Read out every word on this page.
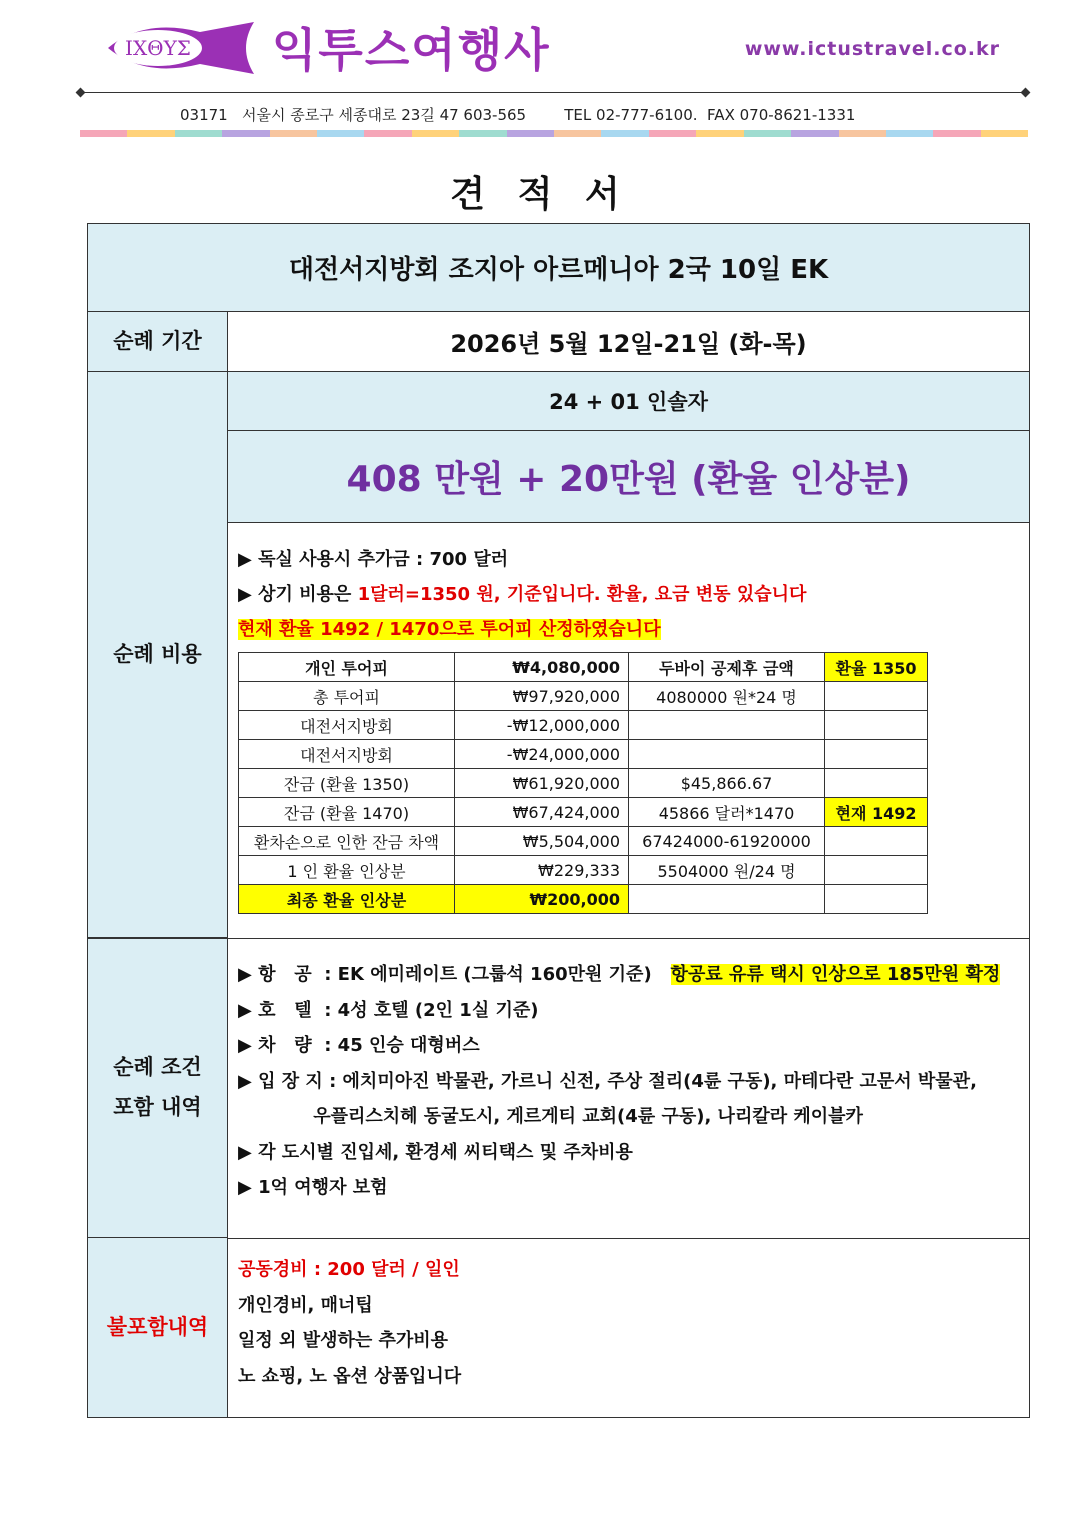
IXΘYΣ 익투스여행사	www.ictustravel.co.kr
03171   서울시 종로구 세종대로 23길 47 603-565	TEL 02-777-6100.  FAX 070-8621-1331
견 적 서
대전서지방회 조지아 아르메니아 2국 10일 EK
순례 기간	2026년 5월 12일-21일 (화-목)
순례 비용
24 + 01 인솔자
408 만원 + 20만원 (환율 인상분)
▶ 독실 사용시 추가금 : 700 달러
▶ 상기 비용은 1달러=1350 원, 기준입니다. 환율, 요금 변동 있습니다
현재 환율 1492 / 1470으로 투어피 산정하였습니다
개인 투어피	₩4,080,000	두바이 공제후 금액	환율 1350
총 투어피	₩97,920,000	4080000 원*24 명	
대전서지방회	-₩12,000,000		
대전서지방회	-₩24,000,000		
잔금 (환율 1350)	₩61,920,000	$45,866.67	
잔금 (환율 1470)	₩67,424,000	45866 달러*1470	현재 1492
환차손으로 인한 잔금 차액	₩5,504,000	67424000-61920000	
1 인 환율 인상분	₩229,333	5504000 원/24 명	
최종 환율 인상분	₩200,000		
순례 조건
포함 내역
▶ 항   공  : EK 에미레이트 (그룹석 160만원 기준) 항공료 유류 택시 인상으로 185만원 확정
▶ 호   텔  : 4성 호텔 (2인 1실 기준)
▶ 차   량  : 45 인승 대형버스
▶ 입 장 지 : 에치미아진 박물관, 가르니 신전, 주상 절리(4륜 구동), 마테다란 고문서 박물관,
우플리스치헤 동굴도시, 게르게티 교회(4륜 구동), 나리칼라 케이블카
▶ 각 도시별 진입세, 환경세 씨티택스 및 주차비용
▶ 1억 여행자 보험
불포함내역
공동경비 : 200 달러 / 일인
개인경비, 매너팁
일정 외 발생하는 추가비용
노 쇼핑, 노 옵션 상품입니다
